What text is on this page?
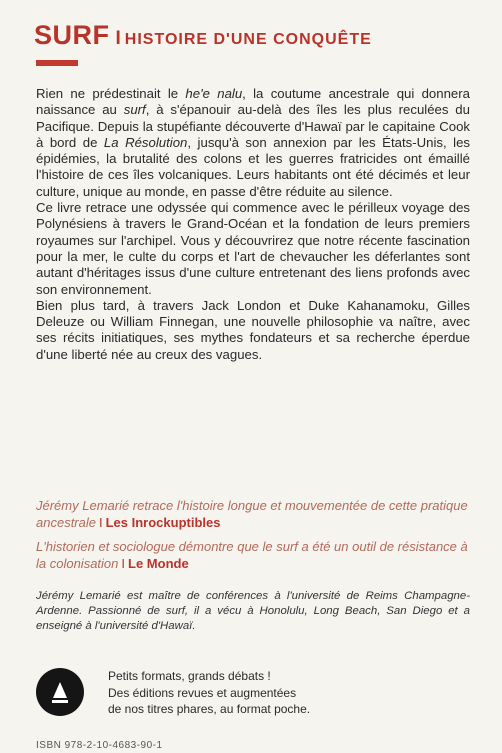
SURF I HISTOIRE D'UNE CONQUÊTE

Rien ne prédestinait le he'e nalu, la coutume ancestrale qui donnera naissance au surf, à s'épanouir au-delà des îles les plus reculées du Pacifique. Depuis la stupéfiante découverte d'Hawaï par le capitaine Cook à bord de La Résolution, jusqu'à son annexion par les États-Unis, les épidémies, la brutalité des colons et les guerres fratricides ont émaillé l'histoire de ces îles volcaniques. Leurs habitants ont été décimés et leur culture, unique au monde, en passe d'être réduite au silence.

Ce livre retrace une odyssée qui commence avec le périlleux voyage des Polynésiens à travers le Grand-Océan et la fondation de leurs premiers royaumes sur l'archipel. Vous y découvrirez que notre récente fascination pour la mer, le culte du corps et l'art de chevaucher les déferlantes sont autant d'héritages issus d'une culture entretenant des liens profonds avec son environnement.

Bien plus tard, à travers Jack London et Duke Kahanamoku, Gilles Deleuze ou William Finnegan, une nouvelle philosophie va naître, avec ses récits initiatiques, ses mythes fondateurs et sa recherche éperdue d'une liberté née au creux des vagues.

Jérémy Lemarié retrace l'histoire longue et mouvementée de cette pratique ancestrale I Les Inrockuptibles
L'historien et sociologue démontre que le surf a été un outil de résistance à la colonisation I Le Monde
Jérémy Lemarié est maître de conférences à l'université de Reims Champagne-Ardenne. Passionné de surf, il a vécu à Honolulu, Long Beach, San Diego et a enseigné à l'université d'Hawaï.
Petits formats, grands débats !
Des éditions revues et augmentées
de nos titres phares, au format poche.
ISBN 978-2-10-4683-90-1
